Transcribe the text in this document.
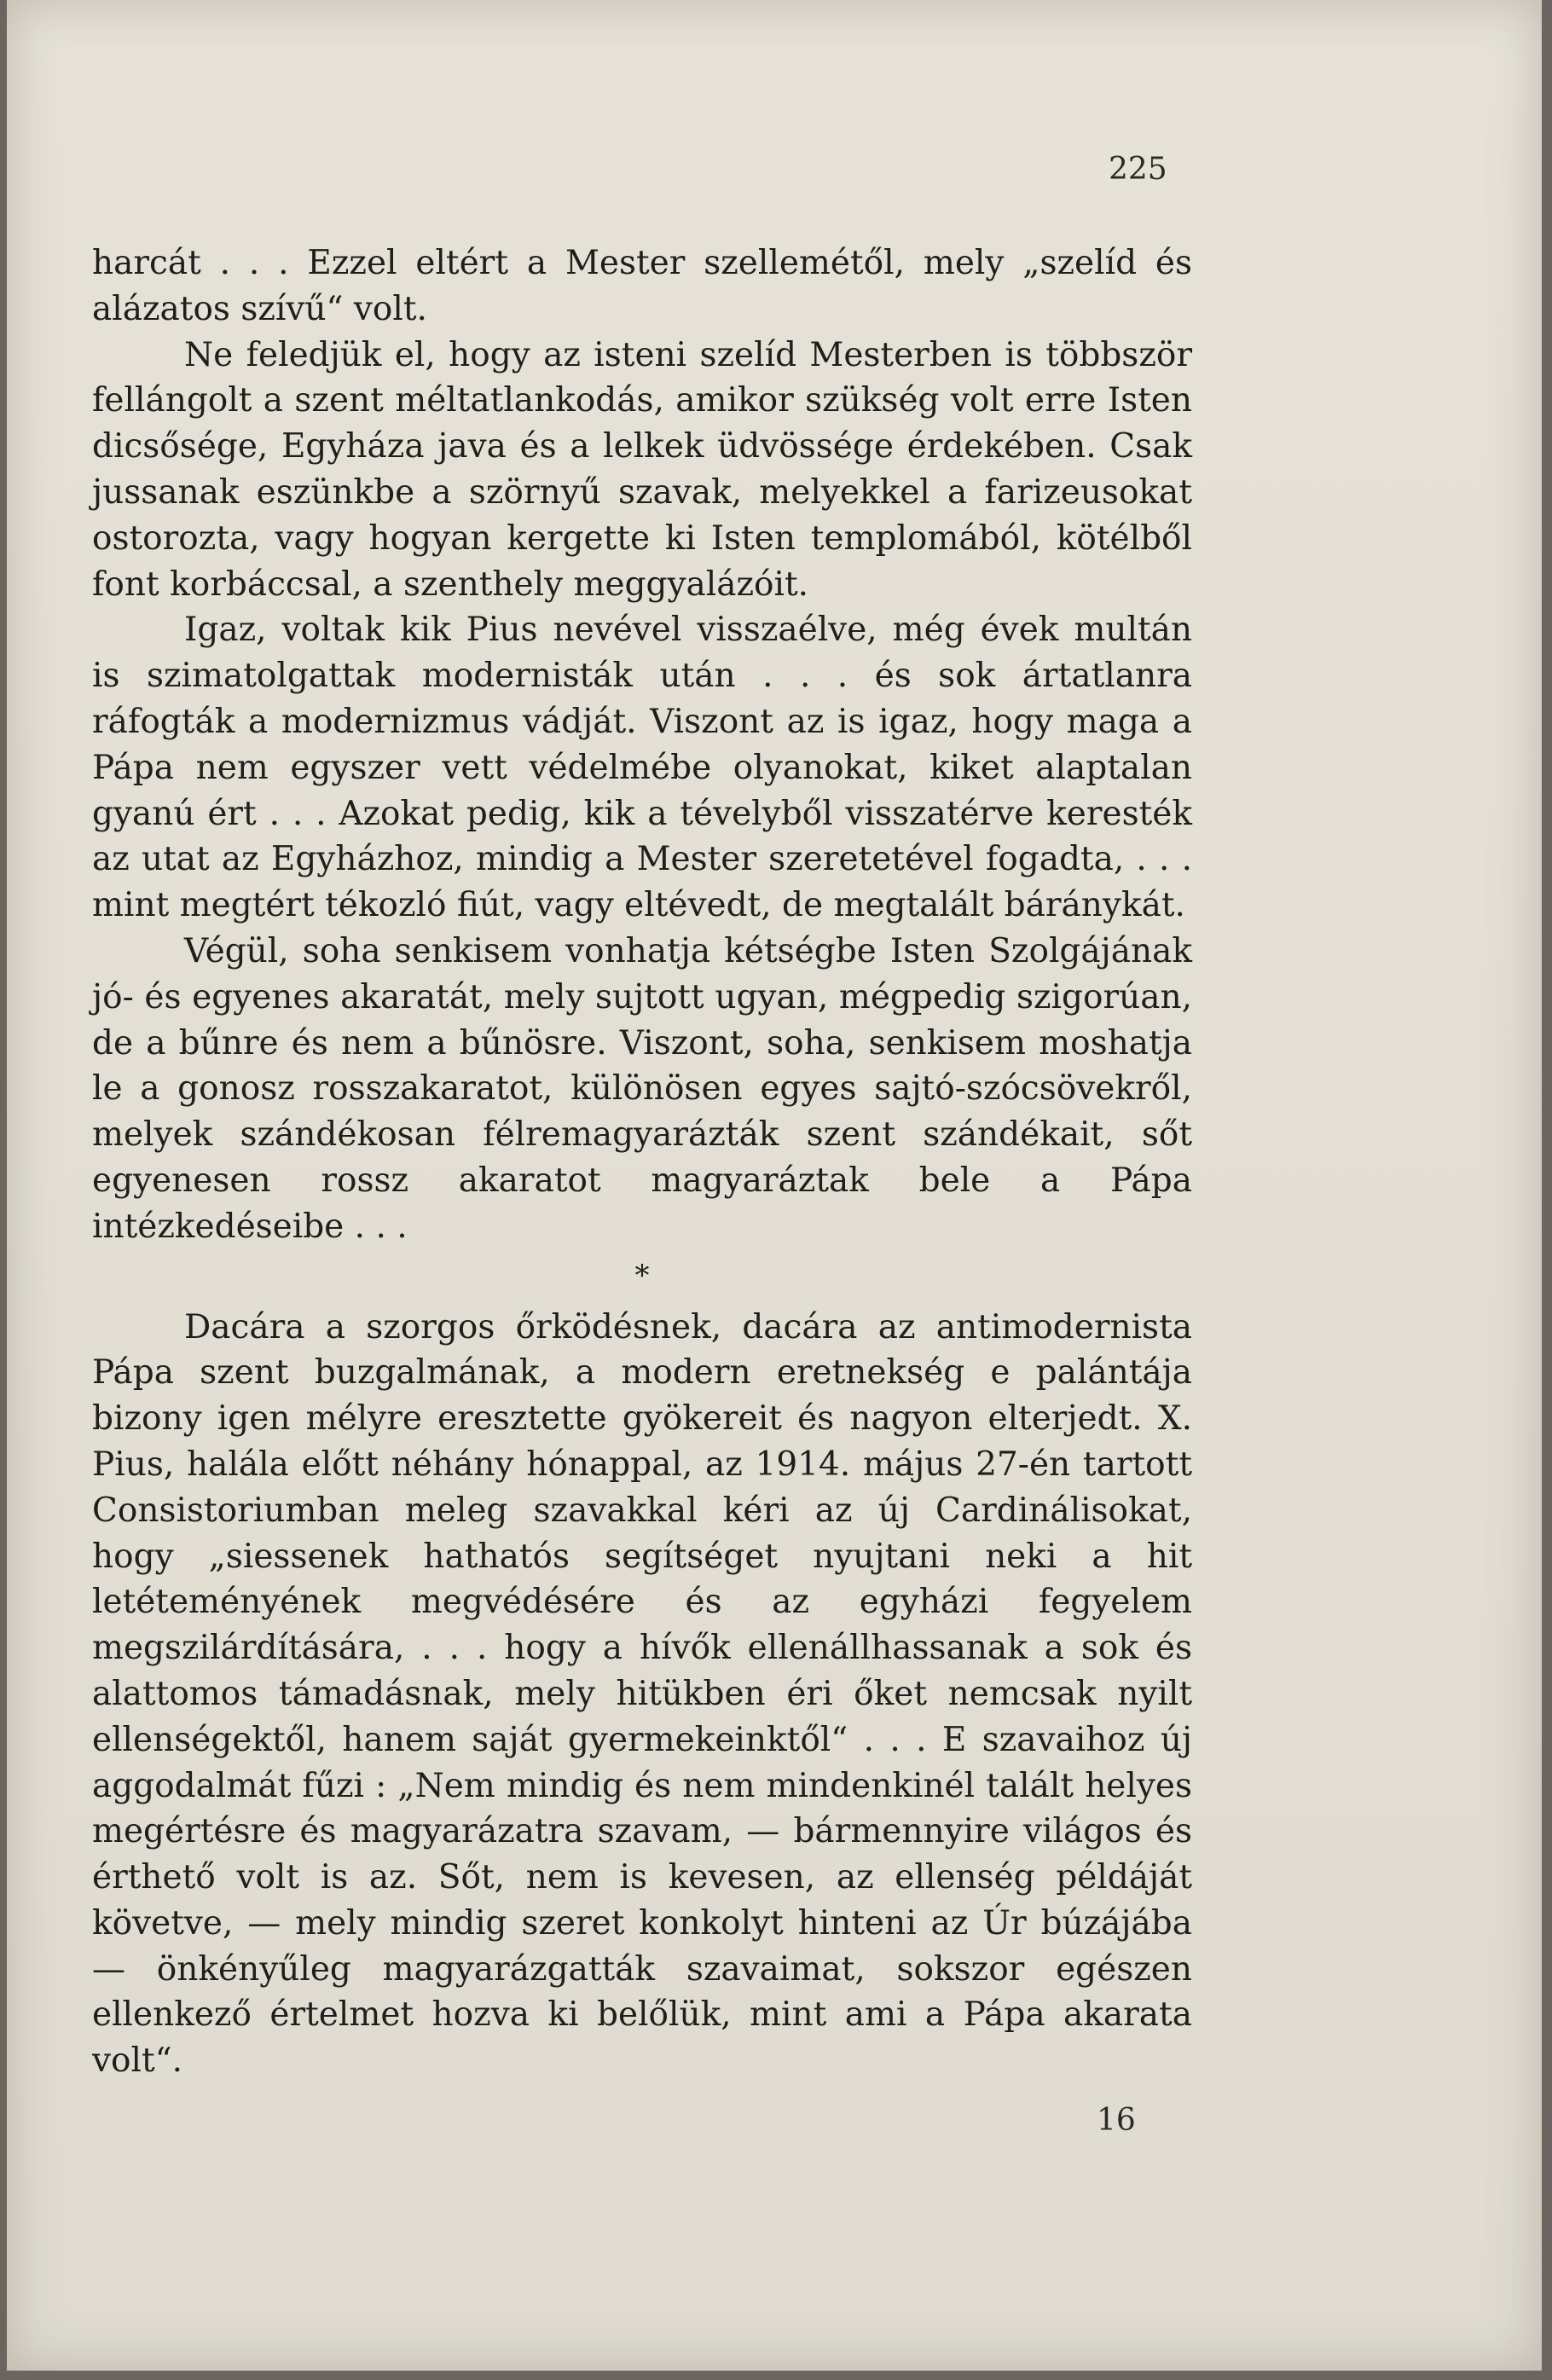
225

harcát . . . Ezzel eltért a Mester szellemétől, mely „szelíd és alázatos szívű“ volt.

Ne feledjük el, hogy az isteni szelíd Mesterben is többször fellángolt a szent méltatlankodás, amikor szükség volt erre Isten dicsősége, Egyháza java és a lelkek üdvössége érdekében. Csak jussanak eszünkbe a szörnyű szavak, melyekkel a farizeusokat ostorozta, vagy hogyan kergette ki Isten templomából, kötélből font korbáccsal, a szenthely meggyalázóit.

Igaz, voltak kik Pius nevével visszaélve, még évek multán is szimatolgattak modernisták után . . . és sok ártatlanra ráfogták a modernizmus vádját. Viszont az is igaz, hogy maga a Pápa nem egyszer vett védelmébe olyanokat, kiket alaptalan gyanú ért . . . Azokat pedig, kik a tévelyből visszatérve keresték az utat az Egyházhoz, mindig a Mester szeretetével fogadta, . . . mint megtért tékozló fiút, vagy eltévedt, de megtalált báránykát.

Végül, soha senkisem vonhatja kétségbe Isten Szolgájának jó- és egyenes akaratát, mely sujtott ugyan, mégpedig szigorúan, de a bűnre és nem a bűnösre. Viszont, soha, senkisem moshatja le a gonosz rosszakaratot, különösen egyes sajtó-szócsövekről, melyek szándékosan félremagyarázták szent szándékait, sőt egyenesen rossz akaratot magyaráztak bele a Pápa intézkedéseibe . . .

*

Dacára a szorgos őrködésnek, dacára az antimodernista Pápa szent buzgalmának, a modern eretnekség e palántája bizony igen mélyre eresztette gyökereit és nagyon elterjedt. X. Pius, halála előtt néhány hónappal, az 1914. május 27-én tartott Consistoriumban meleg szavakkal kéri az új Cardinálisokat, hogy „siessenek hathatós segítséget nyujtani neki a hit letéteményének megvédésére és az egyházi fegyelem megszilárdítására, . . . hogy a hívők ellenállhassanak a sok és alattomos támadásnak, mely hitükben éri őket nemcsak nyilt ellenségektől, hanem saját gyermekeinktől“ . . . E szavaihoz új aggodalmát fűzi : „Nem mindig és nem mindenkinél talált helyes megértésre és magyarázatra szavam, — bármennyire világos és érthető volt is az. Sőt, nem is kevesen, az ellenség példáját követve, — mely mindig szeret konkolyt hinteni az Úr búzájába — önkényűleg magyarázgatták szavaimat, sokszor egészen ellenkező értelmet hozva ki belőlük, mint ami a Pápa akarata volt“.

16
